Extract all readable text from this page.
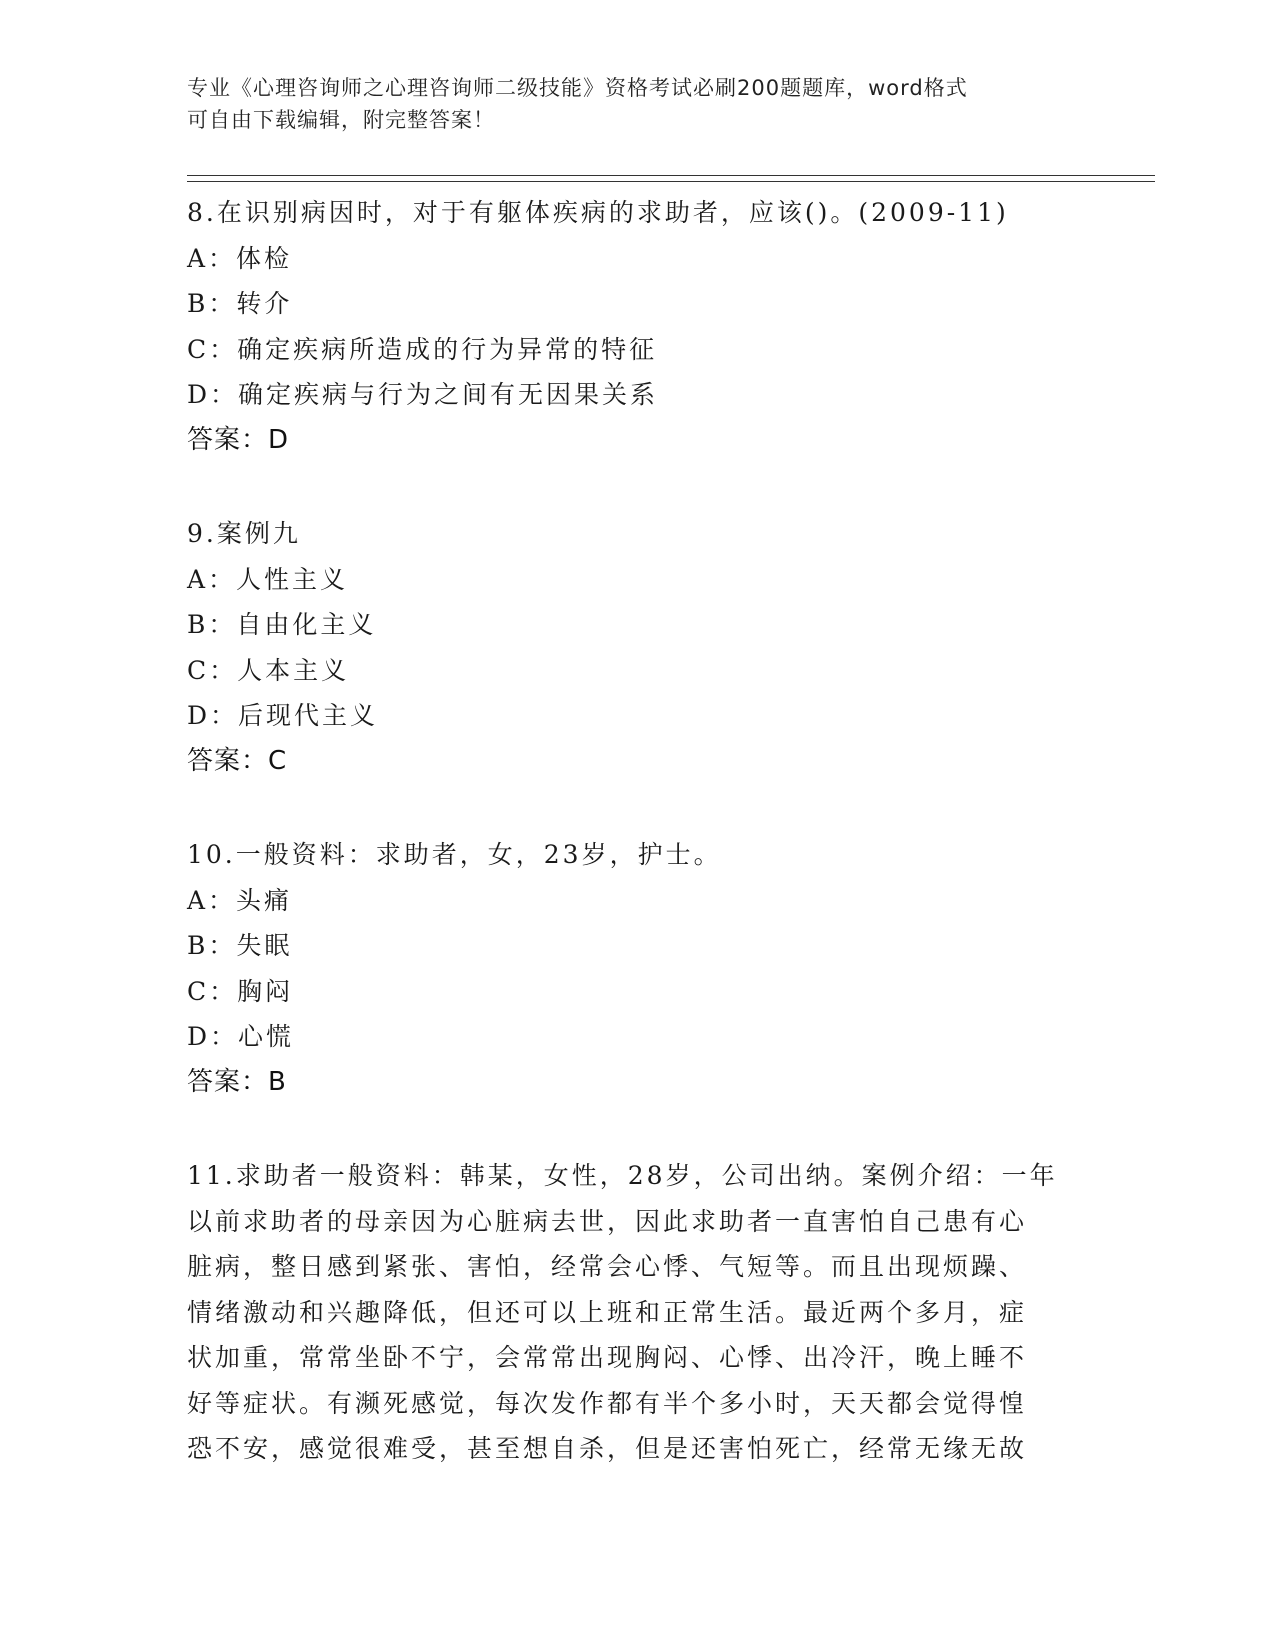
专业《心理咨询师之心理咨询师二级技能》资格考试必刷200题题库，word格式
可自由下载编辑，附完整答案！
8.在识别病因时，对于有躯体疾病的求助者，应该()。(2009-11)
A：体检
B：转介
C：确定疾病所造成的行为异常的特征
D：确定疾病与行为之间有无因果关系
答案：D
9.案例九
A：人性主义
B：自由化主义
C：人本主义
D：后现代主义
答案：C
10.一般资料：求助者，女，23岁，护士。
A：头痛
B：失眠
C：胸闷
D：心慌
答案：B
11.求助者一般资料：韩某，女性，28岁，公司出纳。案例介绍：一年
以前求助者的母亲因为心脏病去世，因此求助者一直害怕自己患有心
脏病，整日感到紧张、害怕，经常会心悸、气短等。而且出现烦躁、
情绪激动和兴趣降低，但还可以上班和正常生活。最近两个多月，症
状加重，常常坐卧不宁，会常常出现胸闷、心悸、出冷汗，晚上睡不
好等症状。有濒死感觉，每次发作都有半个多小时，天天都会觉得惶
恐不安，感觉很难受，甚至想自杀，但是还害怕死亡，经常无缘无故
